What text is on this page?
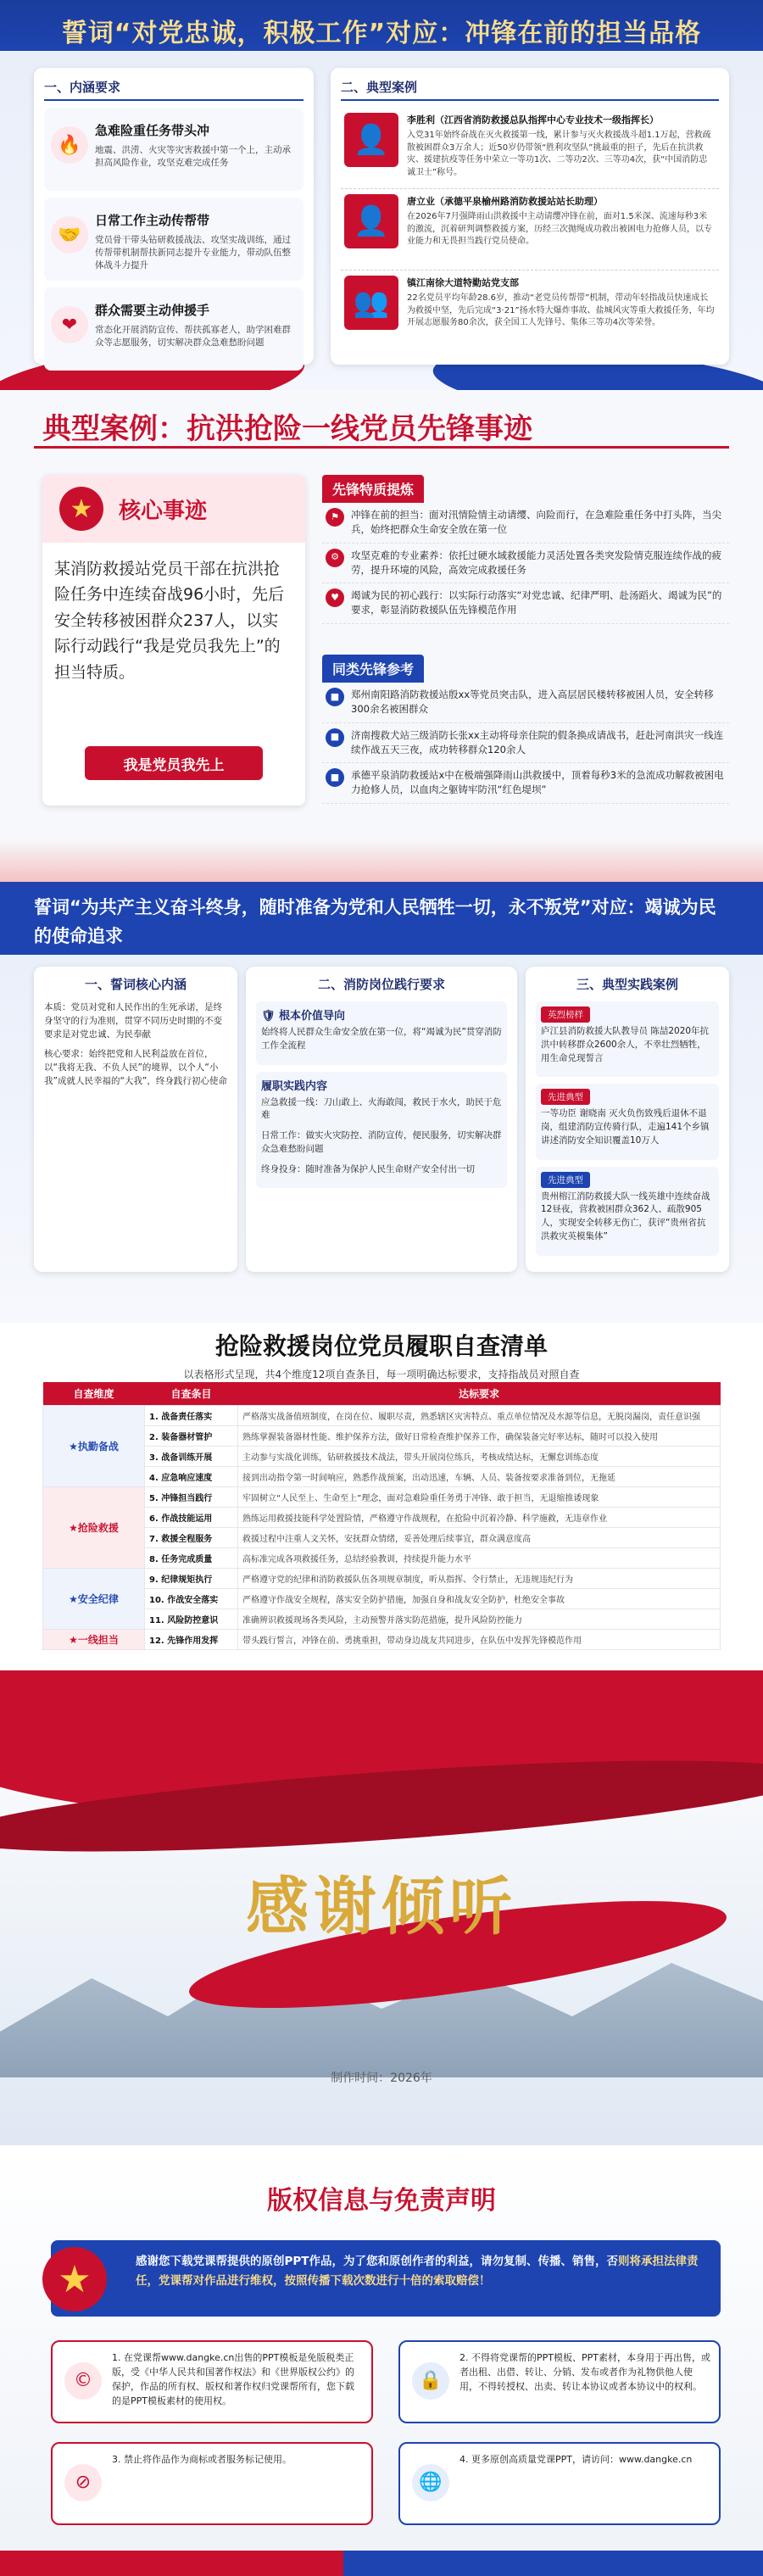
誓词“对党忠诚，积极工作”对应：冲锋在前的担当品格
一、内涵要求
🔥
急难险重任务带头冲

地震、洪涝、火灾等灾害救援中第一个上，主动承担高风险作业，攻坚克难完成任务

🤝
日常工作主动传帮带

党员骨干带头钻研救援战法、攻坚实战训练，通过传帮带机制帮扶新同志提升专业能力，带动队伍整体战斗力提升

❤
群众需要主动伸援手

常态化开展消防宣传、帮扶孤寡老人，助学困难群众等志愿服务，切实解决群众急难愁盼问题

二、典型案例
👤
李胜利（江西省消防救援总队指挥中心专业技术一级指挥长）

入党31年始终奋战在灭火救援第一线，累计参与灭火救援战斗超1.1万起，营救疏散被困群众3万余人；近50岁仍带领“胜利攻坚队”挑最重的担子，先后在抗洪救灾、援建抗疫等任务中荣立一等功1次、二等功2次、三等功4次，获“中国消防忠诚卫士”称号。

👤
唐立业（承德平泉榆州路消防救援站站长助理）

在2026年7月强降雨山洪救援中主动请缨冲锋在前，面对1.5米深、流速每秒3米的激流，沉着研判调整救援方案，历经三次抛绳成功救出被困电力抢修人员，以专业能力和无畏担当践行党员使命。

👥
镇江南徐大道特勤站党支部

22名党员平均年龄28.6岁，推动“老党员传帮带”机制，带动年轻指战员快速成长为救援中坚，先后完成“3·21”扬水特大爆炸事故、盐城风灾等重大救援任务，年均开展志愿服务80余次，获全国工人先锋号、集体三等功4次等荣誉。

典型案例：抗洪抢险一线党员先锋事迹
★	核心事迹
某消防救援站党员干部在抗洪抢险任务中连续奋战96小时，先后安全转移被困群众237人，以实际行动践行“我是党员我先上”的担当特质。
我是党员我先上
先锋特质提炼
⚑	冲锋在前的担当：面对汛情险情主动请缨、向险而行，在急难险重任务中打头阵，当尖兵，始终把群众生命安全放在第一位
⚙	攻坚克难的专业素养：依托过硬水域救援能力灵活处置各类突发险情克服连续作战的疲劳，提升环境的风险，高效完成救援任务
♥	竭诚为民的初心践行：以实际行动落实“对党忠诚、纪律严明、赴汤蹈火、竭诚为民”的要求，彰显消防救援队伍先锋模范作用
同类先锋参考
■	郑州南阳路消防救援站殷xx等党员突击队，进入高层居民楼转移被困人员，安全转移300余名被困群众
■	济南搜救犬站三级消防长张xx主动将母亲住院的假条换成请战书，赶赴河南洪灾一线连续作战五天三夜，成功转移群众120余人
■	承德平泉消防救援站x中在极端强降雨山洪救援中，顶着每秒3米的急流成功解救被困电力抢修人员，以血肉之躯铸牢防汛“红色堤坝”
誓词“为共产主义奋斗终身，随时准备为党和人民牺牲一切，永不叛党”对应：竭诚为民的使命追求
一、誓词核心内涵

本质：党员对党和人民作出的生死承诺，是终身坚守的行为准则，贯穿不同历史时期的不变要求是对党忠诚、为民奉献

核心要求：始终把党和人民利益放在首位，以“我将无我、不负人民”的境界，以个人“小我”成就人民幸福的“大我”，终身践行初心使命

二、消防岗位践行要求
🛡 根本价值导向

始终将人民群众生命安全放在第一位，将“竭诚为民”贯穿消防工作全流程

履职实践内容

应急救援一线：刀山敢上、火海敢闯，救民于水火，助民于危难

日常工作：做实火灾防控、消防宣传，便民服务，切实解决群众急难愁盼问题

终身投身：随时准备为保护人民生命财产安全付出一切

三、典型实践案例
英烈榜样

庐江县消防救援大队教导员 陈喆2020年抗洪中转移群众2600余人，不幸壮烈牺牲，用生命兑现誓言

先进典型

一等功臣 谢晓南 灭火负伤致残后退休不退岗，组建消防宣传骑行队，走遍141个乡镇讲述消防安全知识覆盖10万人

先进典型

贵州榕江消防救援大队一线英雄中连续奋战12昼夜，营救被困群众362人、疏散905人，实现安全转移无伤亡，获评“贵州省抗洪救灾英模集体”

抢险救援岗位党员履职自查清单
以表格形式呈现，共4个维度12项自查条目，每一项明确达标要求，支持指战员对照自查
自查维度	自查条目	达标要求
★执勤备战	1. 战备责任落实	严格落实战备值班制度，在岗在位、履职尽责，熟悉辖区灾害特点、重点单位情况及水源等信息，无脱岗漏岗，责任意识强
	2. 装备器材管护	熟练掌握装备器材性能、维护保养方法，做好日常检查维护保养工作，确保装备完好率达标，随时可以投入使用
	3. 战备训练开展	主动参与实战化训练，钻研救援技术战法，带头开展岗位练兵，考核成绩达标，无懈怠训练态度
	4. 应急响应速度	接到出动指令第一时间响应，熟悉作战预案，出动迅速，车辆、人员、装备按要求准备到位，无拖延
★抢险救援	5. 冲锋担当践行	牢固树立“人民至上、生命至上”理念，面对急难险重任务勇于冲锋、敢于担当，无退缩推诿现象
	6. 作战技能运用	熟练运用救援技能科学处置险情，严格遵守作战规程，在抢险中沉着冷静、科学施救，无违章作业
	7. 救援全程服务	救援过程中注重人文关怀，安抚群众情绪，妥善处理后续事宜，群众满意度高
	8. 任务完成质量	高标准完成各项救援任务，总结经验教训，持续提升能力水平
★安全纪律	9. 纪律规矩执行	严格遵守党的纪律和消防救援队伍各项规章制度，听从指挥、令行禁止，无违规违纪行为
	10. 作战安全落实	严格遵守作战安全规程，落实安全防护措施，加强自身和战友安全防护，杜绝安全事故
	11. 风险防控意识	准确辨识救援现场各类风险，主动预警并落实防范措施，提升风险防控能力
★一线担当	12. 先锋作用发挥	带头践行誓言，冲锋在前、勇挑重担，带动身边战友共同进步，在队伍中发挥先锋模范作用
感谢倾听
制作时间：2026年
版权信息与免责声明
★	感谢您下载党课帮提供的原创PPT作品，为了您和原创作者的利益，请勿复制、传播、销售，否则将承担法律责任，党课帮对作品进行维权，按照传播下载次数进行十倍的索取赔偿！
©
1. 在党课帮www.dangke.cn出售的PPT模板是免版税类正版，受《中华人民共和国著作权法》和《世界版权公约》的保护，作品的所有权、版权和著作权归党课帮所有，您下载的是PPT模板素材的使用权。
🔒
2. 不得将党课帮的PPT模板、PPT素材，本身用于再出售，或者出租、出借、转让、分销、发布或者作为礼物供他人使用，不得转授权、出卖、转让本协议或者本协议中的权利。
⊘
3. 禁止将作品作为商标或者服务标记使用。
🌐
4. 更多原创高质量党课PPT，请访问：www.dangke.cn
